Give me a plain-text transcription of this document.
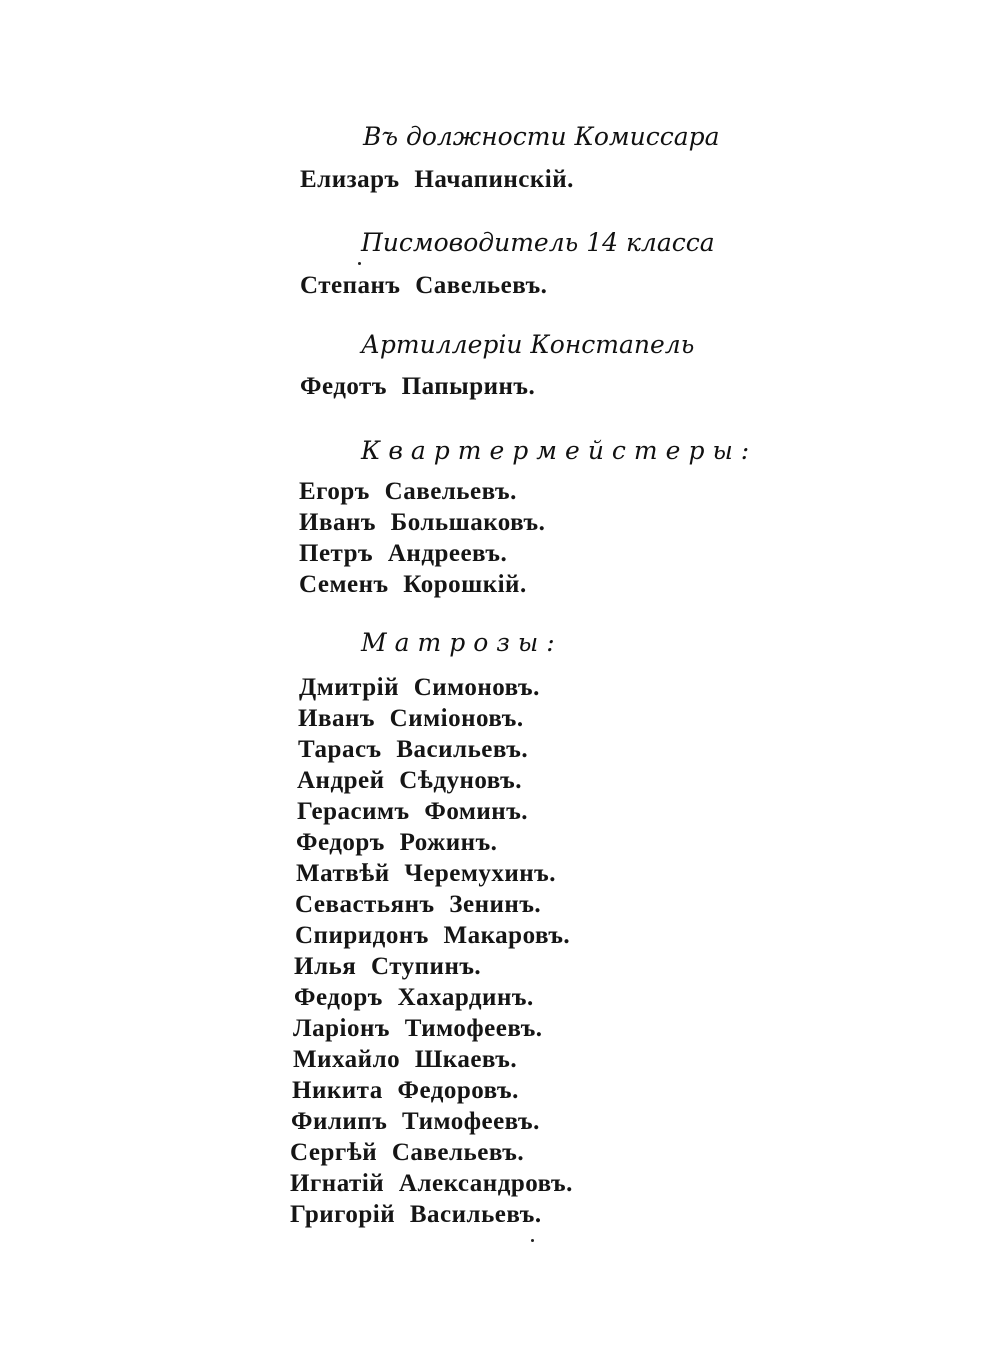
Въ должности Комиссара
Елизаръ Начапинскій.
Писмоводитель 14 класса
Степанъ Савельевъ.
Артиллеріи Констапель
Федотъ Папыринъ.
Квартермейстеры:
Егоръ Савельевъ.
Иванъ Большаковъ.
Петръ Андреевъ.
Семенъ Корошкій.
Матрозы:
Дмитрій Симоновъ.
Иванъ Симіоновъ.
Тарасъ Васильевъ.
Андрей Сѣдуновъ.
Герасимъ Фоминъ.
Федоръ Рожинъ.
Матвѣй Черемухинъ.
Севастьянъ Зенинъ.
Спиридонъ Макаровъ.
Илья Ступинъ.
Федоръ Хахардинъ.
Ларіонъ Тимофеевъ.
Михайло Шкаевъ.
Никита Федоровъ.
Филипъ Тимофеевъ.
Сергѣй Савельевъ.
Игнатій Александровъ.
Григорій Васильевъ.
